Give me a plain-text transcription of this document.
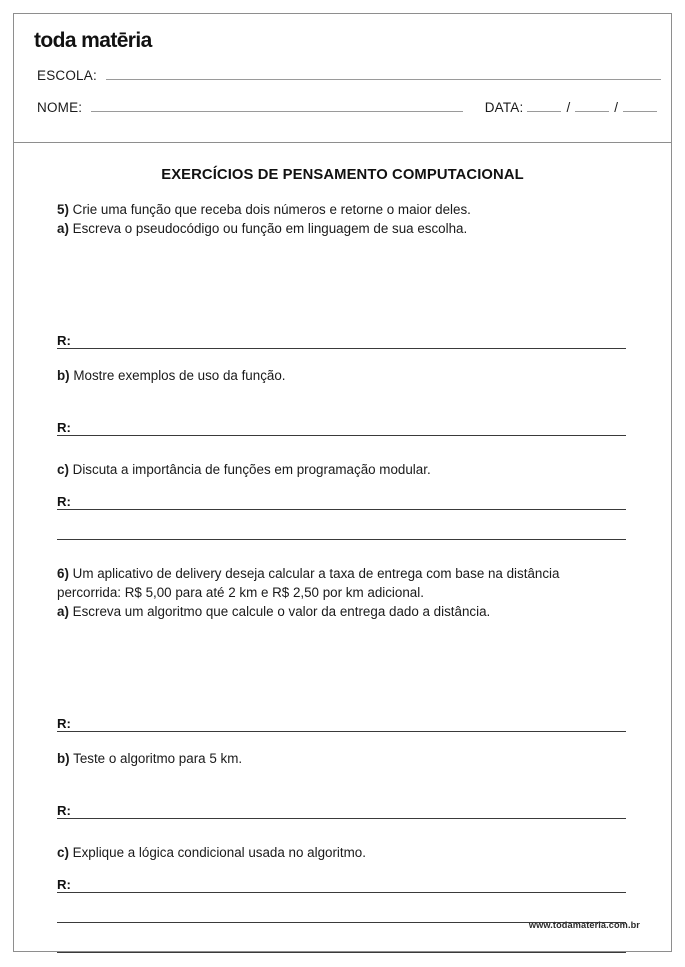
toda matēria
ESCOLA:
NOME:	DATA:	/	/
EXERCÍCIOS DE PENSAMENTO COMPUTACIONAL

5) Crie uma função que receba dois números e retorne o maior deles.

a) Escreva o pseudocódigo ou função em linguagem de sua escolha.

R:

b) Mostre exemplos de uso da função.

R:

c) Discuta a importância de funções em programação modular.

R:

6) Um aplicativo de delivery deseja calcular a taxa de entrega com base na distância percorrida: R$ 5,00 para até 2 km e R$ 2,50 por km adicional.

a) Escreva um algoritmo que calcule o valor da entrega dado a distância.

R:

b) Teste o algoritmo para 5 km.

R:

c) Explique a lógica condicional usada no algoritmo.

R:
www.todamateria.com.br
